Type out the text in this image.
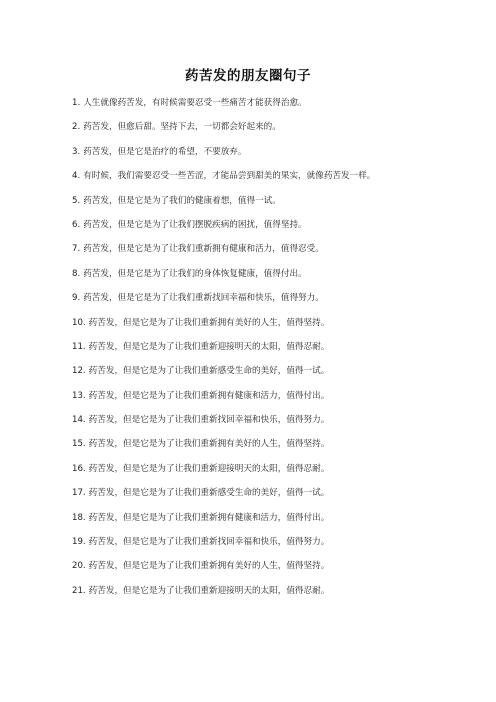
药苦发的朋友圈句子
1. 人生就像药苦发，有时候需要忍受一些痛苦才能获得治愈。
2. 药苦发，但愈后甜。坚持下去，一切都会好起来的。
3. 药苦发，但是它是治疗的希望，不要放弃。
4. 有时候，我们需要忍受一些苦涩，才能品尝到甜美的果实，就像药苦发一样。
5. 药苦发，但是它是为了我们的健康着想，值得一试。
6. 药苦发，但是它是为了让我们摆脱疾病的困扰，值得坚持。
7. 药苦发，但是它是为了让我们重新拥有健康和活力，值得忍受。
8. 药苦发，但是它是为了让我们的身体恢复健康，值得付出。
9. 药苦发，但是它是为了让我们重新找回幸福和快乐，值得努力。
10. 药苦发，但是它是为了让我们重新拥有美好的人生，值得坚持。
11. 药苦发，但是它是为了让我们重新迎接明天的太阳，值得忍耐。
12. 药苦发，但是它是为了让我们重新感受生命的美好，值得一试。
13. 药苦发，但是它是为了让我们重新拥有健康和活力，值得付出。
14. 药苦发，但是它是为了让我们重新找回幸福和快乐，值得努力。
15. 药苦发，但是它是为了让我们重新拥有美好的人生，值得坚持。
16. 药苦发，但是它是为了让我们重新迎接明天的太阳，值得忍耐。
17. 药苦发，但是它是为了让我们重新感受生命的美好，值得一试。
18. 药苦发，但是它是为了让我们重新拥有健康和活力，值得付出。
19. 药苦发，但是它是为了让我们重新找回幸福和快乐，值得努力。
20. 药苦发，但是它是为了让我们重新拥有美好的人生，值得坚持。
21. 药苦发，但是它是为了让我们重新迎接明天的太阳，值得忍耐。
